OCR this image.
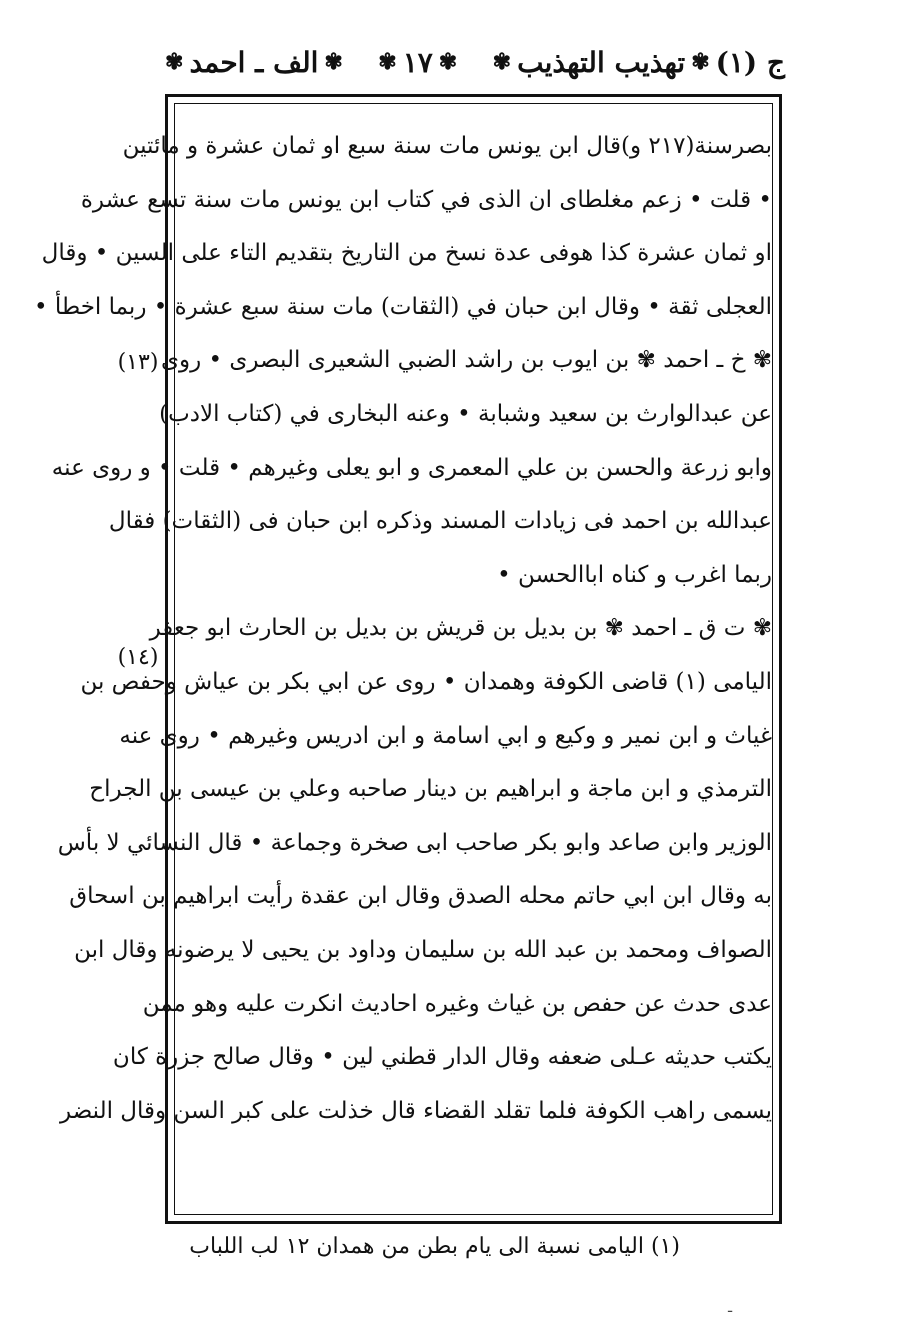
ج (١)
✾
تهذيب التهذيب
✾
✾
١٧
✾
✾
الف ـ احمد
✾
(١٣)
(١٤)
بصرسنة(٢١٧ و)قال ابن يونس مات سنة سبع او ثمان عشرة و مائتين
• قلت • زعم مغلطاى ان الذى في كتاب ابن يونس مات سنة تسع عشرة
او ثمان عشرة كذا هوفى عدة نسخ من التاريخ بتقديم التاء على السين • وقال
العجلى ثقة • وقال ابن حبان في (الثقات) مات سنة سبع عشرة • ربما اخطأ •
✾ خ ـ احمد ✾ بن ايوب بن راشد الضبي الشعيرى البصرى • روى
عن عبدالوارث بن سعيد وشبابة • وعنه البخارى في (كتاب الادب)
وابو زرعة والحسن بن علي المعمرى و ابو يعلى وغيرهم • قلت • و روى عنه
عبدالله بن احمد فى زيادات المسند وذكره ابن حبان فى (الثقات) فقال
ربما اغرب و كناه اباالحسن •
✾ ت ق ـ احمد ✾ بن بديل بن قريش بن بديل بن الحارث ابو جعفر
اليامى (١) قاضى الكوفة وهمدان • روى عن ابي بكر بن عياش وحفص بن
غياث و ابن نمير و وكيع و ابي اسامة و ابن ادريس وغيرهم • روى عنه
الترمذي و ابن ماجة و ابراهيم بن دينار صاحبه وعلي بن عيسى بن الجراح
الوزير وابن صاعد وابو بكر صاحب ابى صخرة وجماعة • قال النسائي لا بأس
به وقال ابن ابي حاتم محله الصدق وقال ابن عقدة رأيت ابراهيم بن اسحاق
الصواف ومحمد بن عبد الله بن سليمان وداود بن يحيى لا يرضونه وقال ابن
عدى حدث عن حفص بن غياث وغيره احاديث انكرت عليه وهو ممن
يكتب حديثه عـلى ضعفه وقال الدار قطني لين • وقال صالح جزرة كان
يسمى راهب الكوفة فلما تقلد القضاء قال خذلت على كبر السن وقال النضر
(١) اليامى نسبة الى يام بطن من همدان ١٢ لب اللباب
ـ
